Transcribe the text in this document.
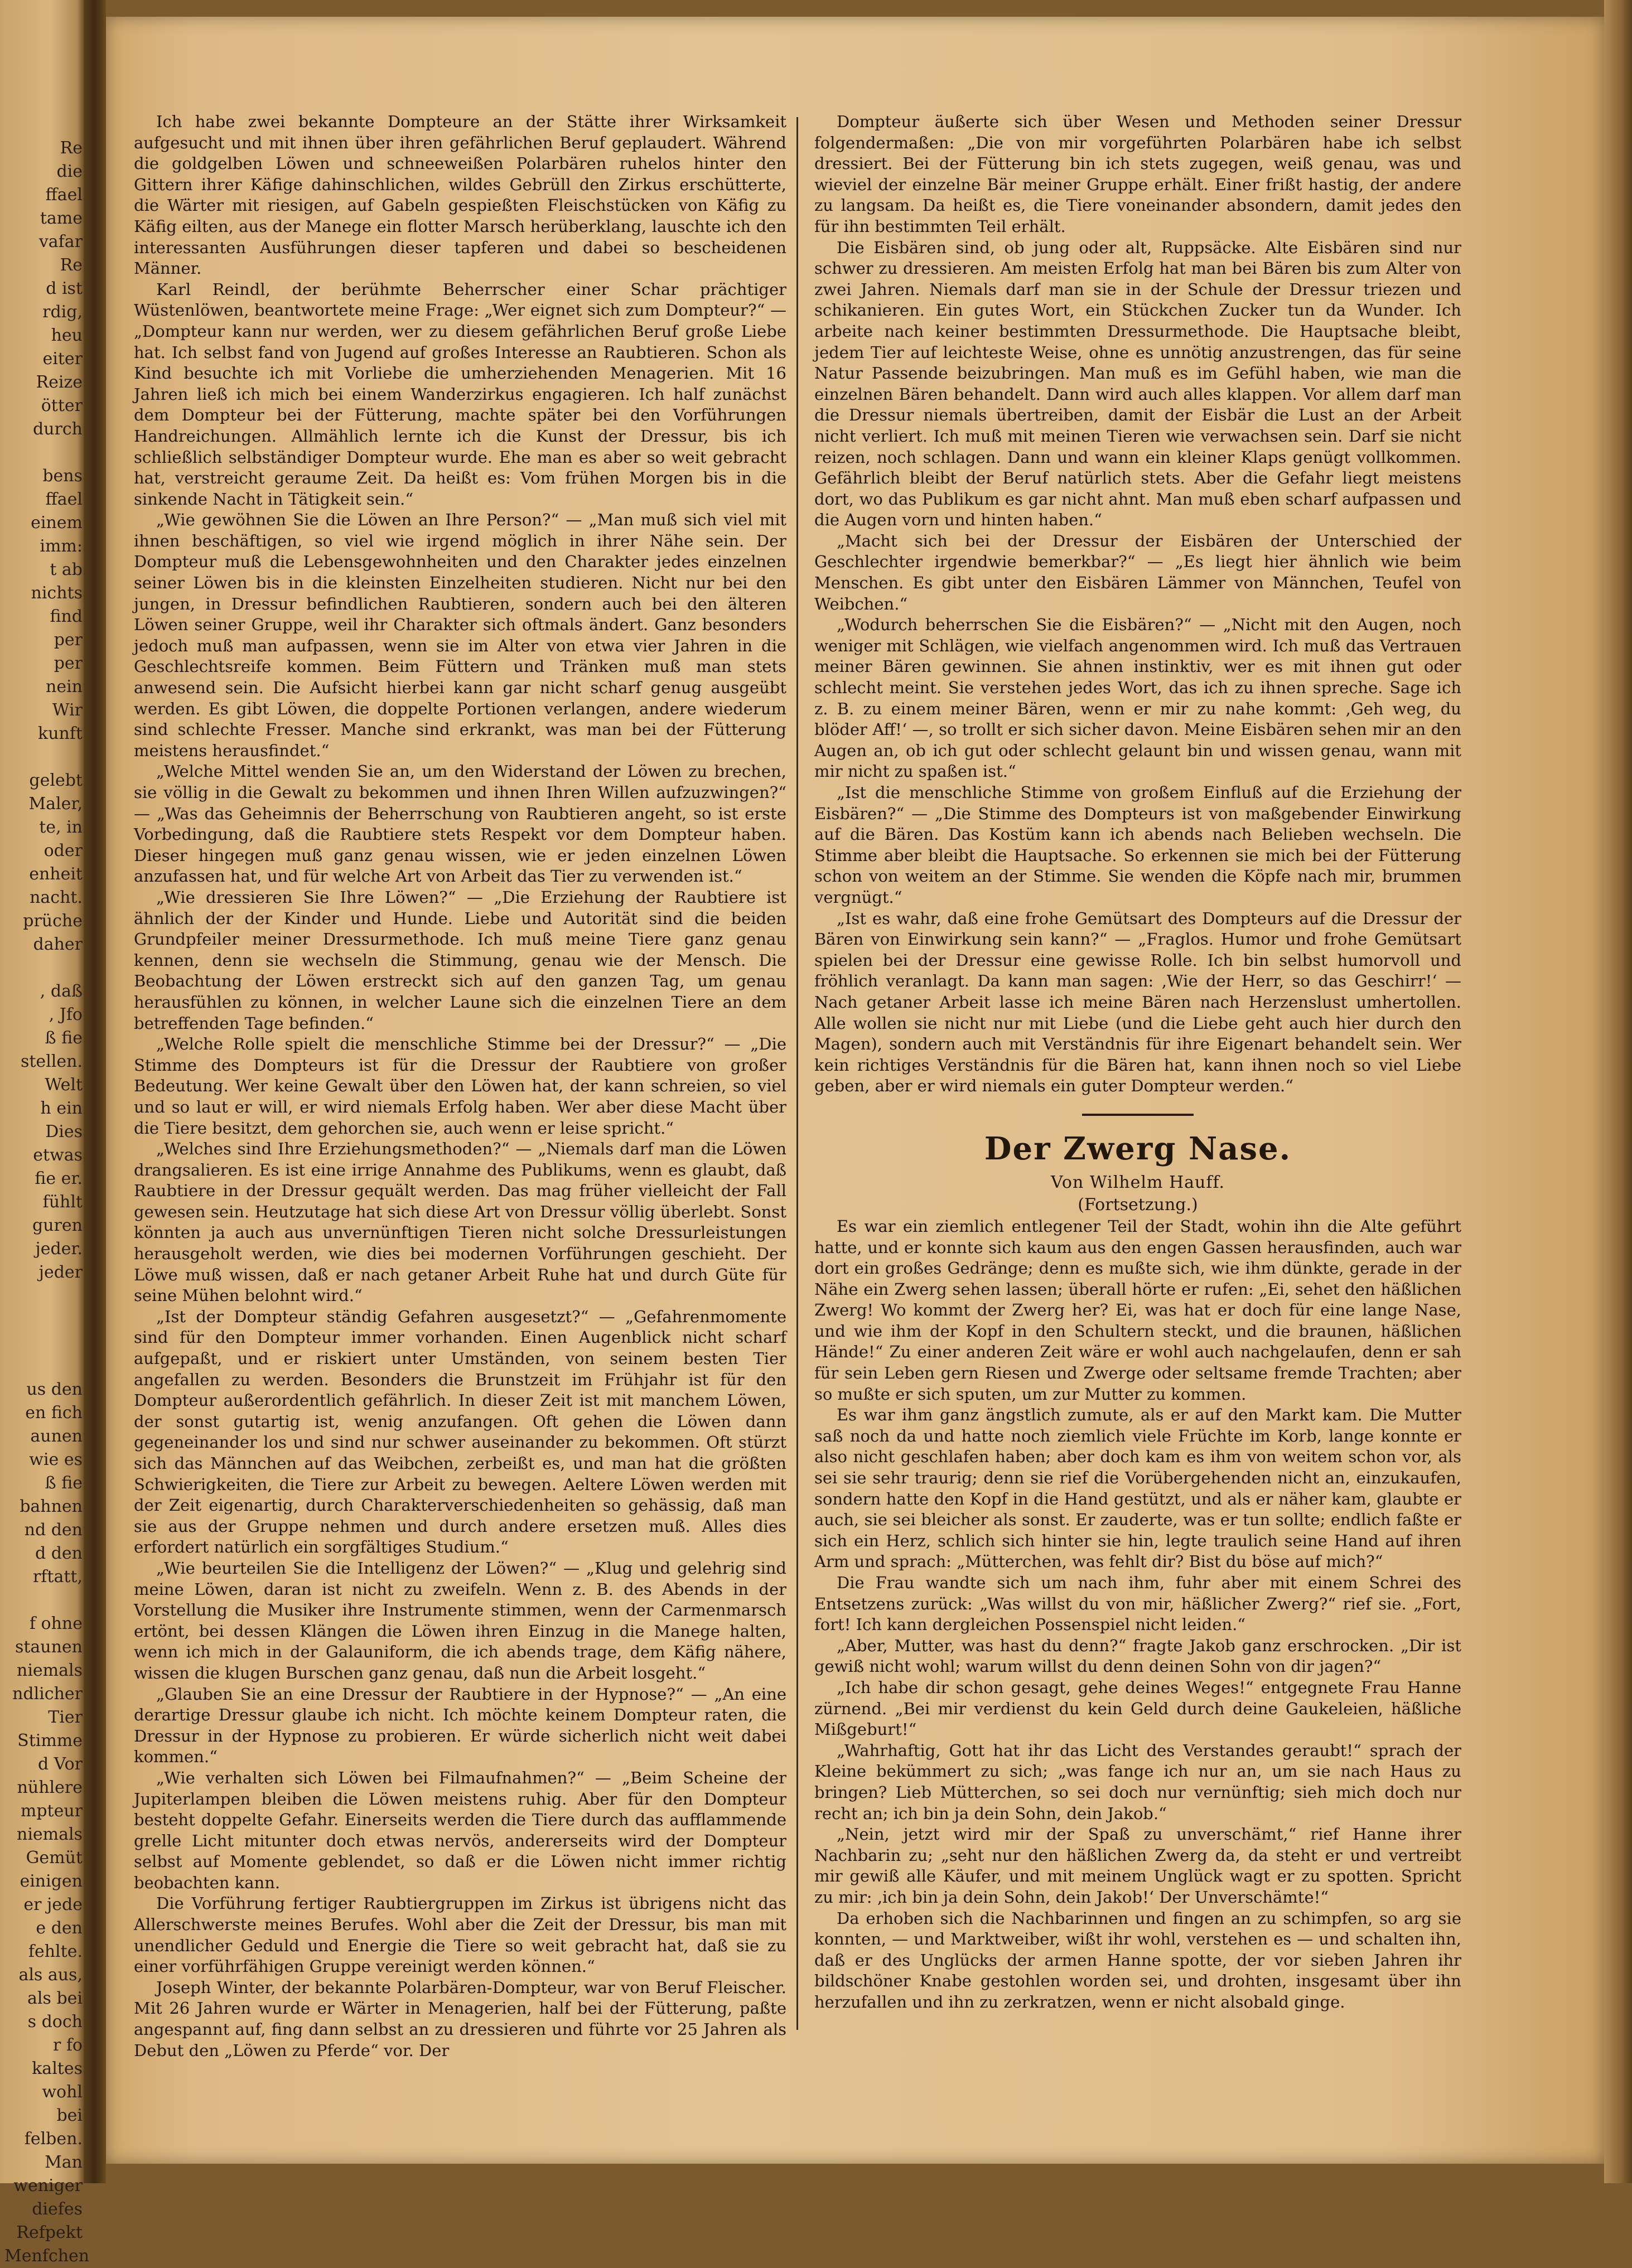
Re
die
ffael
tame
vafar
Re
d ist
rdig,
heu
eiter
Reize
ötter
durch

bens
ffael
einem
imm:
t ab
nichts
find
per
per
nein
Wir
kunft

gelebt
Maler,
te, in
oder
enheit
nacht.
prüche
daher

, daß
, Jfo
ß fie
stellen.
Welt
h ein
Dies
etwas
fie er.
fühlt
guren
jeder.
jeder

us den
en fich
aunen
wie es
ß fie
bahnen
nd den
d den
rftatt,

f ohne
staunen
niemals
ndlicher
Tier
Stimme
d Vor
nühlere
mpteur
niemals
Gemüt
einigen
er jede
e den
fehlte.
als aus,
als bei
s doch
r fo
kaltes
wohl
bei
felben.
Man
weniger
diefes
Refpekt
Menfchen

Ich habe zwei bekannte Dompteure an der Stätte ihrer Wirksamkeit aufgesucht und mit ihnen über ihren gefährlichen Beruf geplaudert. Während die goldgelben Löwen und schneeweißen Polarbären ruhelos hinter den Gittern ihrer Käfige dahinschlichen, wildes Gebrüll den Zirkus erschütterte, die Wärter mit riesigen, auf Gabeln gespießten Fleischstücken von Käfig zu Käfig eilten, aus der Manege ein flotter Marsch herüberklang, lauschte ich den interessanten Ausführungen dieser tapferen und dabei so bescheidenen Männer.

Karl Reindl, der berühmte Beherrscher einer Schar prächtiger Wüstenlöwen, beantwortete meine Frage: „Wer eignet sich zum Dompteur?“ — „Dompteur kann nur werden, wer zu diesem gefährlichen Beruf große Liebe hat. Ich selbst fand von Jugend auf großes Interesse an Raubtieren. Schon als Kind besuchte ich mit Vorliebe die umherziehenden Menagerien. Mit 16 Jahren ließ ich mich bei einem Wanderzirkus engagieren. Ich half zunächst dem Dompteur bei der Fütterung, machte später bei den Vorführungen Handreichungen. Allmählich lernte ich die Kunst der Dressur, bis ich schließlich selbständiger Dompteur wurde. Ehe man es aber so weit gebracht hat, verstreicht geraume Zeit. Da heißt es: Vom frühen Morgen bis in die sinkende Nacht in Tätigkeit sein.“

„Wie gewöhnen Sie die Löwen an Ihre Person?“ — „Man muß sich viel mit ihnen beschäftigen, so viel wie irgend möglich in ihrer Nähe sein. Der Dompteur muß die Lebensgewohnheiten und den Charakter jedes einzelnen seiner Löwen bis in die kleinsten Einzelheiten studieren. Nicht nur bei den jungen, in Dressur befindlichen Raubtieren, sondern auch bei den älteren Löwen seiner Gruppe, weil ihr Charakter sich oftmals ändert. Ganz besonders jedoch muß man aufpassen, wenn sie im Alter von etwa vier Jahren in die Geschlechtsreife kommen. Beim Füttern und Tränken muß man stets anwesend sein. Die Aufsicht hierbei kann gar nicht scharf genug ausgeübt werden. Es gibt Löwen, die doppelte Portionen verlangen, andere wiederum sind schlechte Fresser. Manche sind erkrankt, was man bei der Fütterung meistens herausfindet.“

„Welche Mittel wenden Sie an, um den Widerstand der Löwen zu brechen, sie völlig in die Gewalt zu bekommen und ihnen Ihren Willen aufzuzwingen?“ — „Was das Geheimnis der Beherrschung von Raubtieren angeht, so ist erste Vorbedingung, daß die Raubtiere stets Respekt vor dem Dompteur haben. Dieser hingegen muß ganz genau wissen, wie er jeden einzelnen Löwen anzufassen hat, und für welche Art von Arbeit das Tier zu verwenden ist.“

„Wie dressieren Sie Ihre Löwen?“ — „Die Erziehung der Raubtiere ist ähnlich der der Kinder und Hunde. Liebe und Autorität sind die beiden Grundpfeiler meiner Dressurmethode. Ich muß meine Tiere ganz genau kennen, denn sie wechseln die Stimmung, genau wie der Mensch. Die Beobachtung der Löwen erstreckt sich auf den ganzen Tag, um genau herausfühlen zu können, in welcher Laune sich die einzelnen Tiere an dem betreffenden Tage befinden.“

„Welche Rolle spielt die menschliche Stimme bei der Dressur?“ — „Die Stimme des Dompteurs ist für die Dressur der Raubtiere von großer Bedeutung. Wer keine Gewalt über den Löwen hat, der kann schreien, so viel und so laut er will, er wird niemals Erfolg haben. Wer aber diese Macht über die Tiere besitzt, dem gehorchen sie, auch wenn er leise spricht.“

„Welches sind Ihre Erziehungsmethoden?“ — „Niemals darf man die Löwen drangsalieren. Es ist eine irrige Annahme des Publikums, wenn es glaubt, daß Raubtiere in der Dressur gequält werden. Das mag früher vielleicht der Fall gewesen sein. Heutzutage hat sich diese Art von Dressur völlig überlebt. Sonst könnten ja auch aus unvernünftigen Tieren nicht solche Dressurleistungen herausgeholt werden, wie dies bei modernen Vorführungen geschieht. Der Löwe muß wissen, daß er nach getaner Arbeit Ruhe hat und durch Güte für seine Mühen belohnt wird.“

„Ist der Dompteur ständig Gefahren ausgesetzt?“ — „Gefahrenmomente sind für den Dompteur immer vorhanden. Einen Augenblick nicht scharf aufgepaßt, und er riskiert unter Umständen, von seinem besten Tier angefallen zu werden. Besonders die Brunstzeit im Frühjahr ist für den Dompteur außerordentlich gefährlich. In dieser Zeit ist mit manchem Löwen, der sonst gutartig ist, wenig anzufangen. Oft gehen die Löwen dann gegeneinander los und sind nur schwer auseinander zu bekommen. Oft stürzt sich das Männchen auf das Weibchen, zerbeißt es, und man hat die größten Schwierigkeiten, die Tiere zur Arbeit zu bewegen. Aeltere Löwen werden mit der Zeit eigenartig, durch Charakterverschiedenheiten so gehässig, daß man sie aus der Gruppe nehmen und durch andere ersetzen muß. Alles dies erfordert natürlich ein sorgfältiges Studium.“

„Wie beurteilen Sie die Intelligenz der Löwen?“ — „Klug und gelehrig sind meine Löwen, daran ist nicht zu zweifeln. Wenn z. B. des Abends in der Vorstellung die Musiker ihre Instrumente stimmen, wenn der Carmenmarsch ertönt, bei dessen Klängen die Löwen ihren Einzug in die Manege halten, wenn ich mich in der Galauniform, die ich abends trage, dem Käfig nähere, wissen die klugen Burschen ganz genau, daß nun die Arbeit losgeht.“

„Glauben Sie an eine Dressur der Raubtiere in der Hypnose?“ — „An eine derartige Dressur glaube ich nicht. Ich möchte keinem Dompteur raten, die Dressur in der Hypnose zu probieren. Er würde sicherlich nicht weit dabei kommen.“

„Wie verhalten sich Löwen bei Filmaufnahmen?“ — „Beim Scheine der Jupiterlampen bleiben die Löwen meistens ruhig. Aber für den Dompteur besteht doppelte Gefahr. Einerseits werden die Tiere durch das aufflammende grelle Licht mitunter doch etwas nervös, andererseits wird der Dompteur selbst auf Momente geblendet, so daß er die Löwen nicht immer richtig beobachten kann.

Die Vorführung fertiger Raubtiergruppen im Zirkus ist übrigens nicht das Allerschwerste meines Berufes. Wohl aber die Zeit der Dressur, bis man mit unendlicher Geduld und Energie die Tiere so weit gebracht hat, daß sie zu einer vorführfähigen Gruppe vereinigt werden können.“

Joseph Winter, der bekannte Polarbären-Dompteur, war von Beruf Fleischer. Mit 26 Jahren wurde er Wärter in Menagerien, half bei der Fütterung, paßte angespannt auf, fing dann selbst an zu dressieren und führte vor 25 Jahren als Debut den „Löwen zu Pferde“ vor. Der

Dompteur äußerte sich über Wesen und Methoden seiner Dressur folgendermaßen: „Die von mir vorgeführten Polarbären habe ich selbst dressiert. Bei der Fütterung bin ich stets zugegen, weiß genau, was und wieviel der einzelne Bär meiner Gruppe erhält. Einer frißt hastig, der andere zu langsam. Da heißt es, die Tiere voneinander absondern, damit jedes den für ihn bestimmten Teil erhält.

Die Eisbären sind, ob jung oder alt, Ruppsäcke. Alte Eisbären sind nur schwer zu dressieren. Am meisten Erfolg hat man bei Bären bis zum Alter von zwei Jahren. Niemals darf man sie in der Schule der Dressur triezen und schikanieren. Ein gutes Wort, ein Stückchen Zucker tun da Wunder. Ich arbeite nach keiner bestimmten Dressurmethode. Die Hauptsache bleibt, jedem Tier auf leichteste Weise, ohne es unnötig anzustrengen, das für seine Natur Passende beizubringen. Man muß es im Gefühl haben, wie man die einzelnen Bären behandelt. Dann wird auch alles klappen. Vor allem darf man die Dressur niemals übertreiben, damit der Eisbär die Lust an der Arbeit nicht verliert. Ich muß mit meinen Tieren wie verwachsen sein. Darf sie nicht reizen, noch schlagen. Dann und wann ein kleiner Klaps genügt vollkommen. Gefährlich bleibt der Beruf natürlich stets. Aber die Gefahr liegt meistens dort, wo das Publikum es gar nicht ahnt. Man muß eben scharf aufpassen und die Augen vorn und hinten haben.“

„Macht sich bei der Dressur der Eisbären der Unterschied der Geschlechter irgendwie bemerkbar?“ — „Es liegt hier ähnlich wie beim Menschen. Es gibt unter den Eisbären Lämmer von Männchen, Teufel von Weibchen.“

„Wodurch beherrschen Sie die Eisbären?“ — „Nicht mit den Augen, noch weniger mit Schlägen, wie vielfach angenommen wird. Ich muß das Vertrauen meiner Bären gewinnen. Sie ahnen instinktiv, wer es mit ihnen gut oder schlecht meint. Sie verstehen jedes Wort, das ich zu ihnen spreche. Sage ich z. B. zu einem meiner Bären, wenn er mir zu nahe kommt: ‚Geh weg, du blöder Aff!‘ —, so trollt er sich sicher davon. Meine Eisbären sehen mir an den Augen an, ob ich gut oder schlecht gelaunt bin und wissen genau, wann mit mir nicht zu spaßen ist.“

„Ist die menschliche Stimme von großem Einfluß auf die Erziehung der Eisbären?“ — „Die Stimme des Dompteurs ist von maßgebender Einwirkung auf die Bären. Das Kostüm kann ich abends nach Belieben wechseln. Die Stimme aber bleibt die Hauptsache. So erkennen sie mich bei der Fütterung schon von weitem an der Stimme. Sie wenden die Köpfe nach mir, brummen vergnügt.“

„Ist es wahr, daß eine frohe Gemütsart des Dompteurs auf die Dressur der Bären von Einwirkung sein kann?“ — „Fraglos. Humor und frohe Gemütsart spielen bei der Dressur eine gewisse Rolle. Ich bin selbst humorvoll und fröhlich veranlagt. Da kann man sagen: ‚Wie der Herr, so das Geschirr!‘ — Nach getaner Arbeit lasse ich meine Bären nach Herzenslust umhertollen. Alle wollen sie nicht nur mit Liebe (und die Liebe geht auch hier durch den Magen), sondern auch mit Verständnis für ihre Eigenart behandelt sein. Wer kein richtiges Verständnis für die Bären hat, kann ihnen noch so viel Liebe geben, aber er wird niemals ein guter Dompteur werden.“

Der Zwerg Nase.

Von Wilhelm Hauff.

(Fortsetzung.)

Es war ein ziemlich entlegener Teil der Stadt, wohin ihn die Alte geführt hatte, und er konnte sich kaum aus den engen Gassen herausfinden, auch war dort ein großes Gedränge; denn es mußte sich, wie ihm dünkte, gerade in der Nähe ein Zwerg sehen lassen; überall hörte er rufen: „Ei, sehet den häßlichen Zwerg! Wo kommt der Zwerg her? Ei, was hat er doch für eine lange Nase, und wie ihm der Kopf in den Schultern steckt, und die braunen, häßlichen Hände!“ Zu einer anderen Zeit wäre er wohl auch nachgelaufen, denn er sah für sein Leben gern Riesen und Zwerge oder seltsame fremde Trachten; aber so mußte er sich sputen, um zur Mutter zu kommen.

Es war ihm ganz ängstlich zumute, als er auf den Markt kam. Die Mutter saß noch da und hatte noch ziemlich viele Früchte im Korb, lange konnte er also nicht geschlafen haben; aber doch kam es ihm von weitem schon vor, als sei sie sehr traurig; denn sie rief die Vorübergehenden nicht an, einzukaufen, sondern hatte den Kopf in die Hand gestützt, und als er näher kam, glaubte er auch, sie sei bleicher als sonst. Er zauderte, was er tun sollte; endlich faßte er sich ein Herz, schlich sich hinter sie hin, legte traulich seine Hand auf ihren Arm und sprach: „Mütterchen, was fehlt dir? Bist du böse auf mich?“

Die Frau wandte sich um nach ihm, fuhr aber mit einem Schrei des Entsetzens zurück: „Was willst du von mir, häßlicher Zwerg?“ rief sie. „Fort, fort! Ich kann dergleichen Possenspiel nicht leiden.“

„Aber, Mutter, was hast du denn?“ fragte Jakob ganz erschrocken. „Dir ist gewiß nicht wohl; warum willst du denn deinen Sohn von dir jagen?“

„Ich habe dir schon gesagt, gehe deines Weges!“ entgegnete Frau Hanne zürnend. „Bei mir verdienst du kein Geld durch deine Gaukeleien, häßliche Mißgeburt!“

„Wahrhaftig, Gott hat ihr das Licht des Verstandes geraubt!“ sprach der Kleine bekümmert zu sich; „was fange ich nur an, um sie nach Haus zu bringen? Lieb Mütterchen, so sei doch nur vernünftig; sieh mich doch nur recht an; ich bin ja dein Sohn, dein Jakob.“

„Nein, jetzt wird mir der Spaß zu unverschämt,“ rief Hanne ihrer Nachbarin zu; „seht nur den häßlichen Zwerg da, da steht er und vertreibt mir gewiß alle Käufer, und mit meinem Unglück wagt er zu spotten. Spricht zu mir: ‚ich bin ja dein Sohn, dein Jakob!‘ Der Unverschämte!“

Da erhoben sich die Nachbarinnen und fingen an zu schimpfen, so arg sie konnten, — und Marktweiber, wißt ihr wohl, verstehen es — und schalten ihn, daß er des Unglücks der armen Hanne spotte, der vor sieben Jahren ihr bildschöner Knabe gestohlen worden sei, und drohten, insgesamt über ihn herzufallen und ihn zu zerkratzen, wenn er nicht alsobald ginge.
